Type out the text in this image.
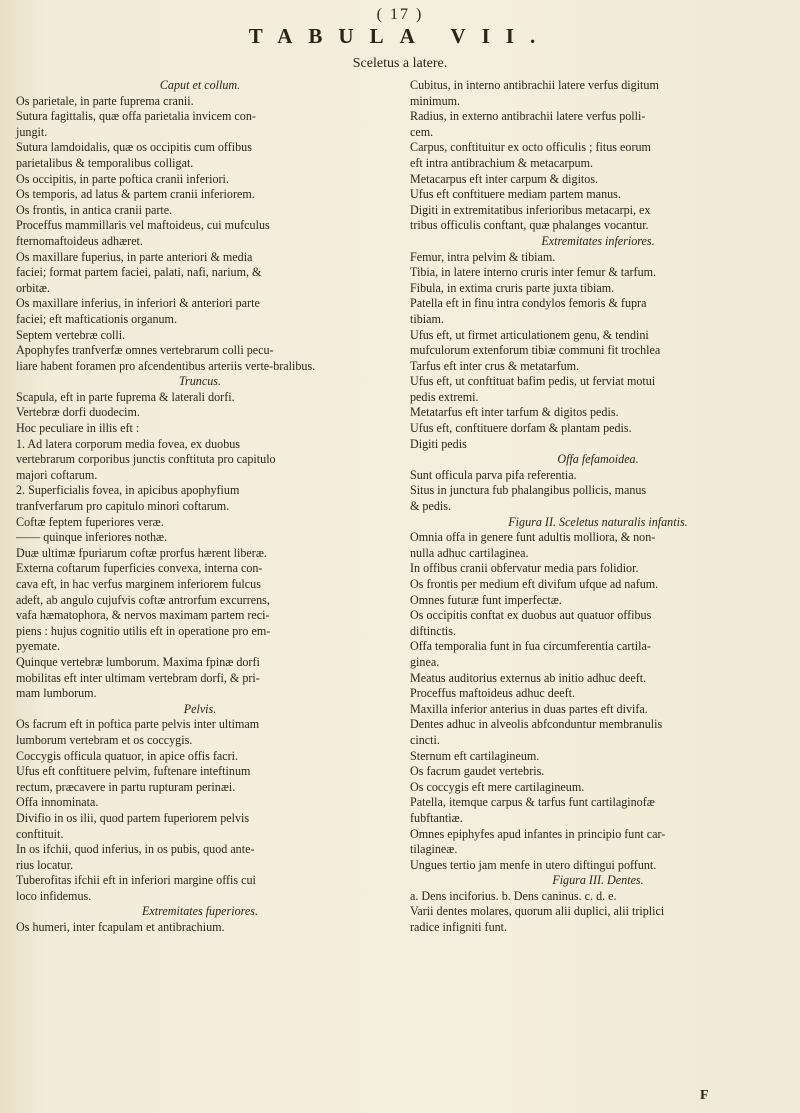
( 17 )
TABULA VII.
Sceletus a latere.

Caput et collum.

Os parietale, in parte fuprema cranii.

Sutura fagittalis, quæ offa parietalia invicem con-

jungit.

Sutura lamdoidalis, quæ os occipitis cum offibus

parietalibus & temporalibus colligat.

Os occipitis, in parte poftica cranii inferiori.

Os temporis, ad latus & partem cranii inferiorem.

Os frontis, in antica cranii parte.

Proceffus mammillaris vel maftoideus, cui mufculus

fternomaftoideus adhæret.

Os maxillare fuperius, in parte anteriori & media

faciei; format partem faciei, palati, nafi, narium, &

orbitæ.

Os maxillare inferius, in inferiori & anteriori parte

faciei; eft mafticationis organum.

Septem vertebræ colli.

Apophyfes tranfverfæ omnes vertebrarum colli pecu-

liare habent foramen pro afcendentibus arteriis verte-bralibus.

Truncus.

Scapula, eft in parte fuprema & laterali dorfi.

Vertebræ dorfi duodecim.

Hoc peculiare in illis eft :

1. Ad latera corporum media fovea, ex duobus

vertebrarum corporibus junctis conftituta pro capitulo

majori coftarum.

2. Superficialis fovea, in apicibus apophyfium

tranfverfarum pro capitulo minori coftarum.

Coftæ feptem fuperiores veræ.

—— quinque inferiores nothæ.

Duæ ultimæ fpuriarum coftæ prorfus hærent liberæ.

Externa coftarum fuperficies convexa, interna con-

cava eft, in hac verfus marginem inferiorem fulcus

adeft, ab angulo cujufvis coftæ antrorfum excurrens,

vafa hæmatophora, & nervos maximam partem reci-

piens : hujus cognitio utilis eft in operatione pro em-

pyemate.

Quinque vertebræ lumborum. Maxima fpinæ dorfi

mobilitas eft inter ultimam vertebram dorfi, & pri-

mam lumborum.

Pelvis.

Os facrum eft in poftica parte pelvis inter ultimam

lumborum vertebram et os coccygis.

Coccygis officula quatuor, in apice offis facri.

Ufus eft conftituere pelvim, fuftenare inteftinum

rectum, præcavere in partu rupturam perinæi.

Offa innominata.

Divifio in os ilii, quod partem fuperiorem pelvis

conftituit.

In os ifchii, quod inferius, in os pubis, quod ante-

rius locatur.

Tuberofitas ifchii eft in inferiori margine offis cui

loco infidemus.

Extremitates fuperiores.

Os humeri, inter fcapulam et antibrachium.

Cubitus, in interno antibrachii latere verfus digitum

minimum.

Radius, in externo antibrachii latere verfus polli-

cem.

Carpus, conftituitur ex octo officulis ; fitus eorum

eft intra antibrachium & metacarpum.

Metacarpus eft inter carpum & digitos.

Ufus eft conftituere mediam partem manus.

Digiti in extremitatibus inferioribus metacarpi, ex

tribus officulis conftant, quæ phalanges vocantur.

Extremitates inferiores.

Femur, intra pelvim & tibiam.

Tibia, in latere interno cruris inter femur & tarfum.

Fibula, in extima cruris parte juxta tibiam.

Patella eft in finu intra condylos femoris & fupra

tibiam.

Ufus eft, ut firmet articulationem genu, & tendini

mufculorum extenforum tibiæ communi fit trochlea

Tarfus eft inter crus & metatarfum.

Ufus eft, ut conftituat bafim pedis, ut ferviat motui

pedis extremi.

Metatarfus eft inter tarfum & digitos pedis.

Ufus eft, conftituere dorfam & plantam pedis.

Digiti pedis

Offa fefamoidea.

Sunt officula parva pifa referentia.

Situs in junctura fub phalangibus pollicis, manus

& pedis.

Figura II. Sceletus naturalis infantis.

Omnia offa in genere funt adultis molliora, & non-

nulla adhuc cartilaginea.

In offibus cranii obfervatur media pars folidior.

Os frontis per medium eft divifum ufque ad nafum.

Omnes futuræ funt imperfectæ.

Os occipitis conftat ex duobus aut quatuor offibus

diftinctis.

Offa temporalia funt in fua circumferentia cartila-

ginea.

Meatus auditorius externus ab initio adhuc deeft.

Proceffus maftoideus adhuc deeft.

Maxilla inferior anterius in duas partes eft divifa.

Dentes adhuc in alveolis abfconduntur membranulis

cincti.

Sternum eft cartilagineum.

Os facrum gaudet vertebris.

Os coccygis eft mere cartilagineum.

Patella, itemque carpus & tarfus funt cartilaginofæ

fubftantiæ.

Omnes epiphyfes apud infantes in principio funt car-

tilagineæ.

Ungues tertio jam menfe in utero diftingui poffunt.

Figura III. Dentes.

a. Dens inciforius. b. Dens caninus. c. d. e.

Varii dentes molares, quorum alii duplici, alii triplici

radice infigniti funt.

F
